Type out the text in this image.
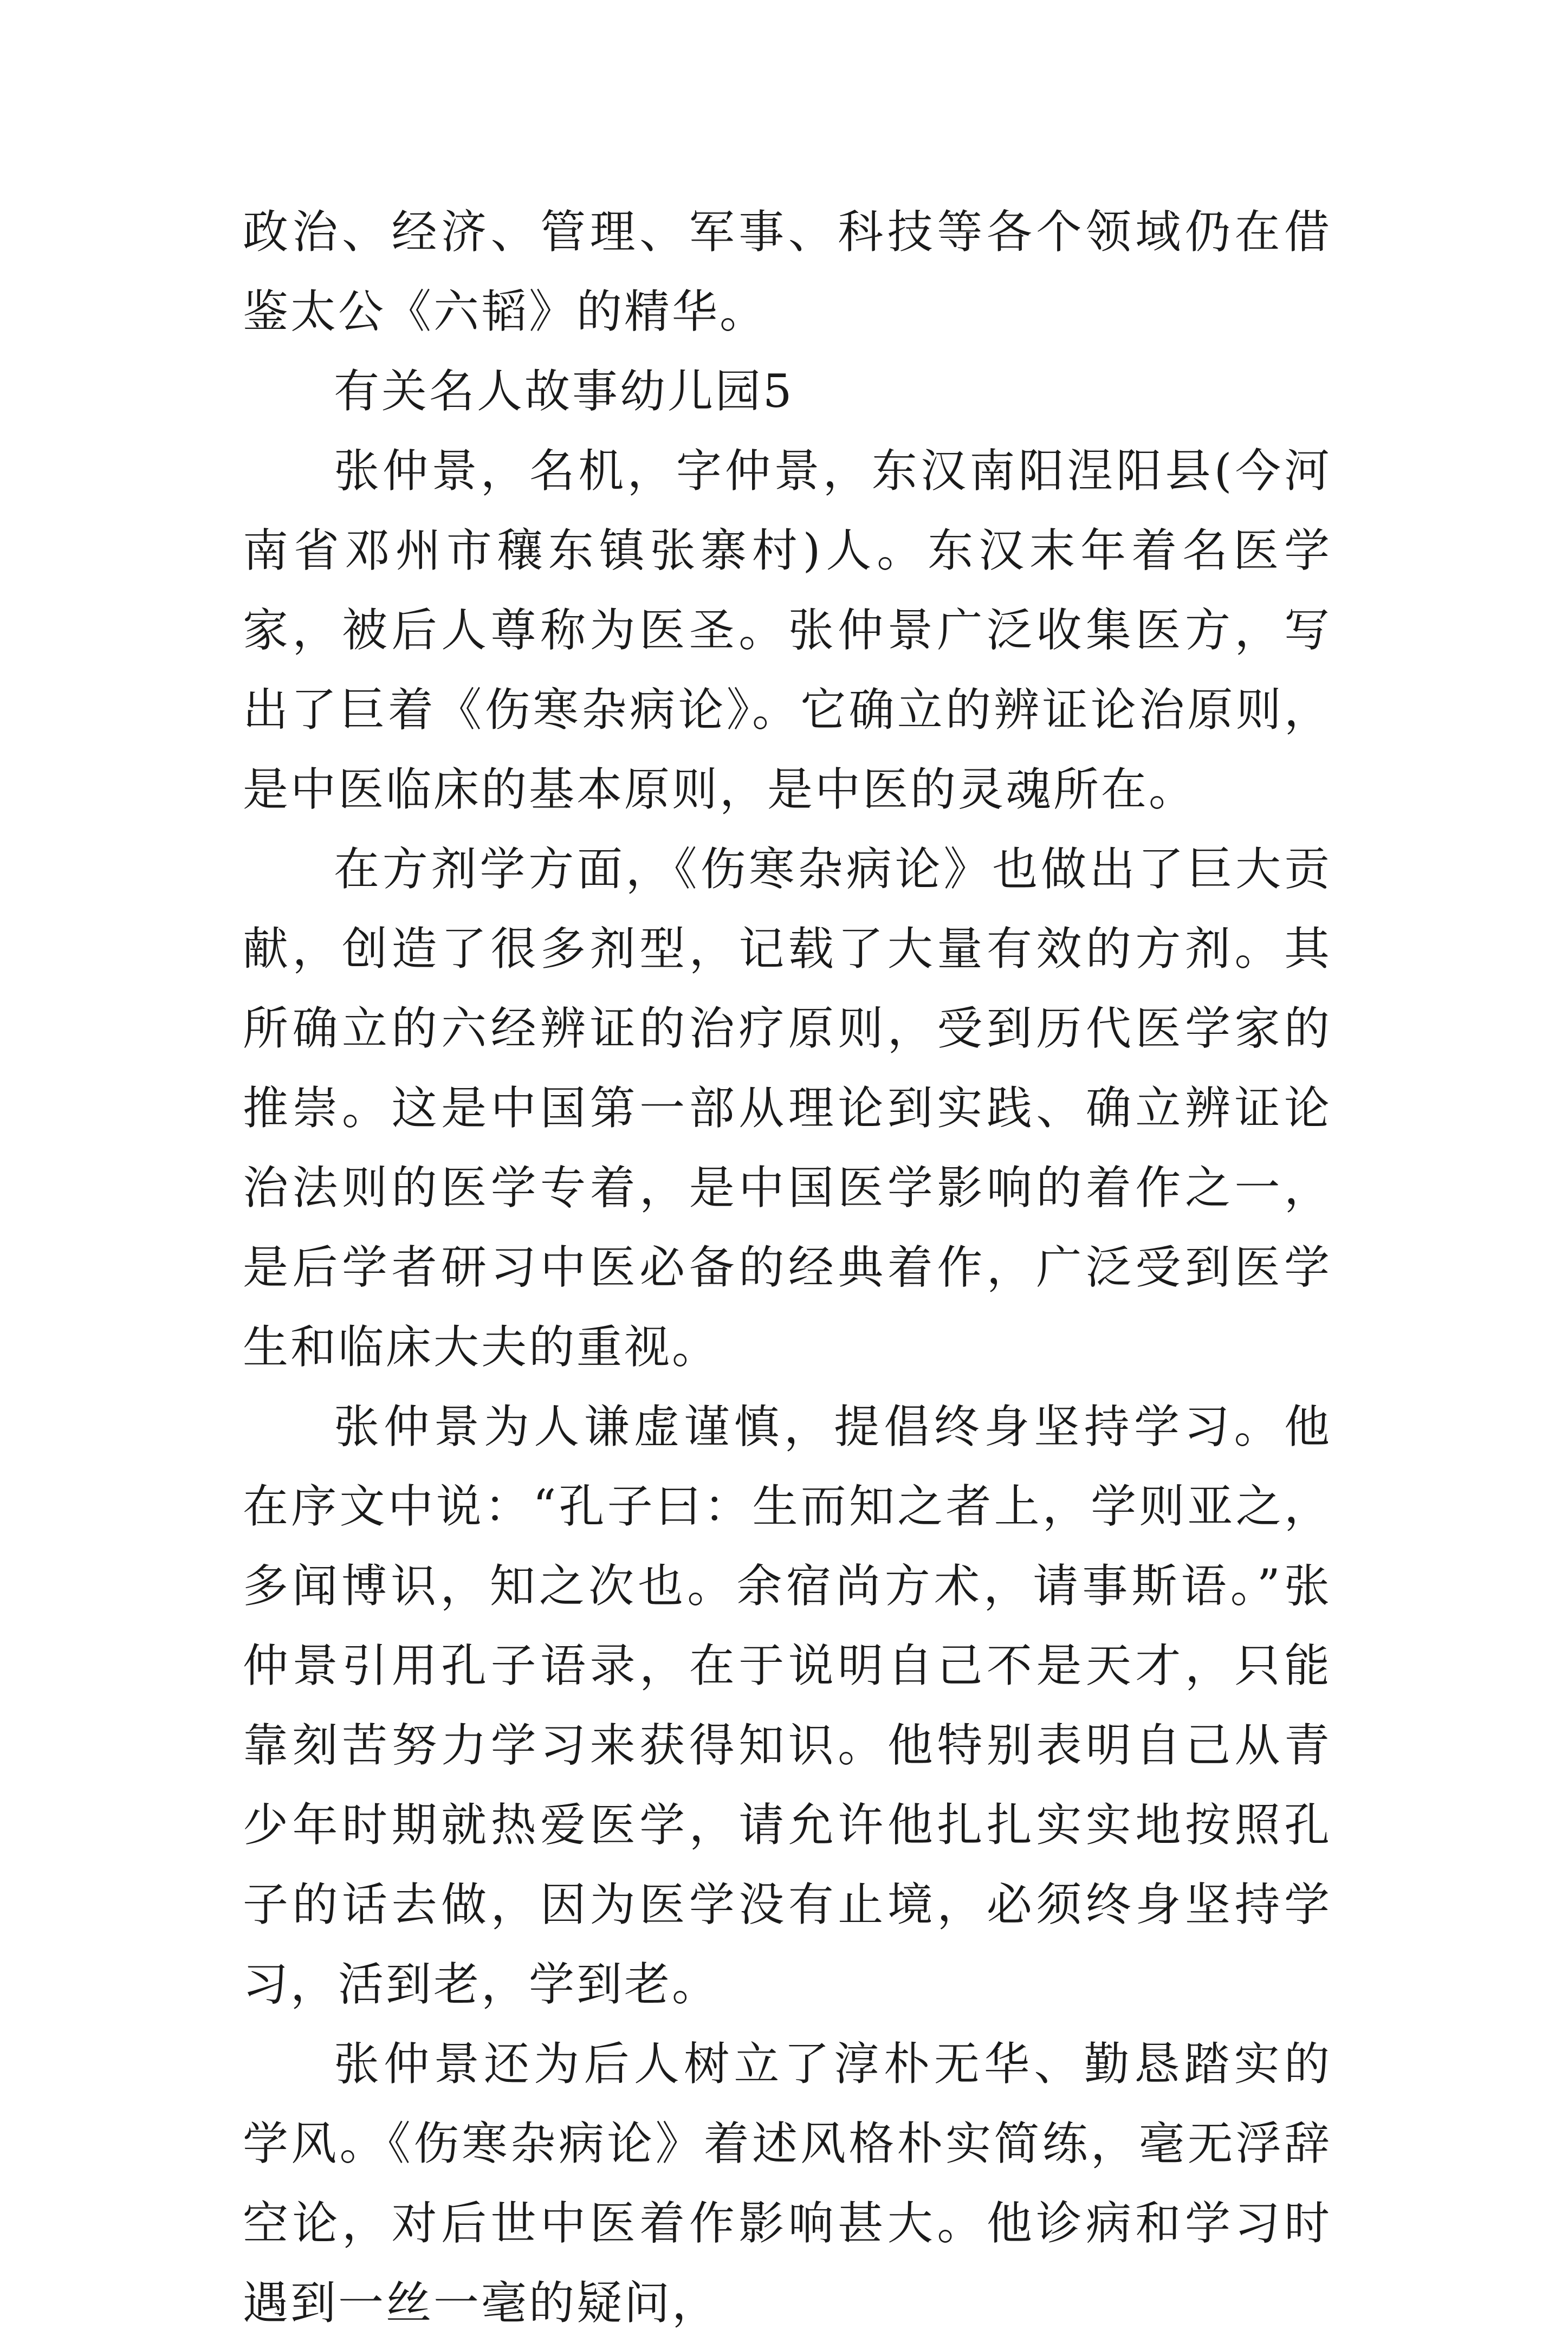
政治、经济、管理、军事、科技等各个领域仍在借鉴太公《六韬》的精华。

有关名人故事幼儿园5

张仲景，名机，字仲景，东汉南阳涅阳县(今河南省邓州市穰东镇张寨村)人。东汉末年着名医学家，被后人尊称为医圣。张仲景广泛收集医方，写出了巨着《伤寒杂病论》。它确立的辨证论治原则，是中医临床的基本原则，是中医的灵魂所在。

在方剂学方面，《伤寒杂病论》也做出了巨大贡献，创造了很多剂型，记载了大量有效的方剂。其所确立的六经辨证的治疗原则，受到历代医学家的推崇。这是中国第一部从理论到实践、确立辨证论治法则的医学专着，是中国医学影响的着作之一，是后学者研习中医必备的经典着作，广泛受到医学生和临床大夫的重视。

张仲景为人谦虚谨慎，提倡终身坚持学习。他在序文中说：“孔子曰：生而知之者上，学则亚之，多闻博识，知之次也。余宿尚方术，请事斯语。”张仲景引用孔子语录，在于说明自己不是天才，只能靠刻苦努力学习来获得知识。他特别表明自己从青少年时期就热爱医学，请允许他扎扎实实地按照孔子的话去做，因为医学没有止境，必须终身坚持学习，活到老，学到老。

张仲景还为后人树立了淳朴无华、勤恳踏实的学风。《伤寒杂病论》着述风格朴实简练，毫无浮辞空论，对后世中医着作影响甚大。他诊病和学习时遇到一丝一毫的疑问，
